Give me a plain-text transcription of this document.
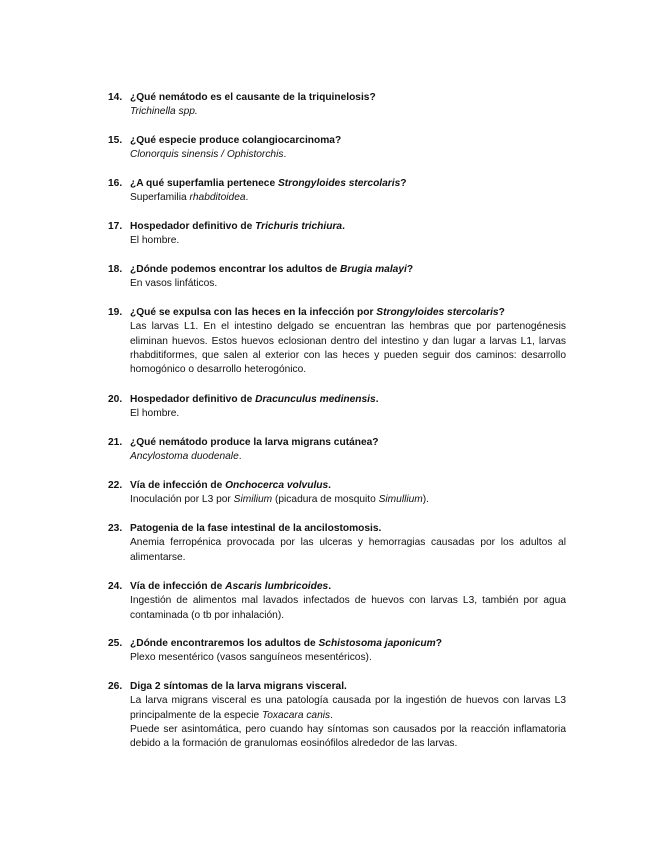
14. ¿Qué nemátodo es el causante de la triquinelosis?

Trichinella spp.

15. ¿Qué especie produce colangiocarcinoma?

Clonorquis sinensis / Ophistorchis.

16. ¿A qué superfamlia pertenece Strongyloides stercolaris?

Superfamilia rhabditoidea.

17. Hospedador definitivo de Trichuris trichiura.

El hombre.

18. ¿Dónde podemos encontrar los adultos de Brugia malayi?

En vasos linfáticos.

19. ¿Qué se expulsa con las heces en la infección por Strongyloides stercolaris?

Las larvas L1. En el intestino delgado se encuentran las hembras que por partenogénesis eliminan huevos. Estos huevos eclosionan dentro del intestino y dan lugar a larvas L1, larvas rhabditiformes, que salen al exterior con las heces y pueden seguir dos caminos: desarrollo homogónico o desarrollo heterogónico.

20. Hospedador definitivo de Dracunculus medinensis.

El hombre.

21. ¿Qué nemátodo produce la larva migrans cutánea?

Ancylostoma duodenale.

22. Vía de infección de Onchocerca volvulus.

Inoculación por L3 por Similium (picadura de mosquito Simullium).

23. Patogenia de la fase intestinal de la ancilostomosis.

Anemia ferropénica provocada por las ulceras y hemorragias causadas por los adultos al alimentarse.

24. Vía de infección de Ascaris lumbricoides.

Ingestión de alimentos mal lavados infectados de huevos con larvas L3, también por agua contaminada (o tb por inhalación).

25. ¿Dónde encontraremos los adultos de Schistosoma japonicum?

Plexo mesentérico (vasos sanguíneos mesentéricos).

26. Diga 2 síntomas de la larva migrans visceral.

La larva migrans visceral es una patología causada por la ingestión de huevos con larvas L3 principalmente de la especie Toxacara canis.

Puede ser asintomática, pero cuando hay síntomas son causados por la reacción inflamatoria debido a la formación de granulomas eosinófilos alrededor de las larvas.
